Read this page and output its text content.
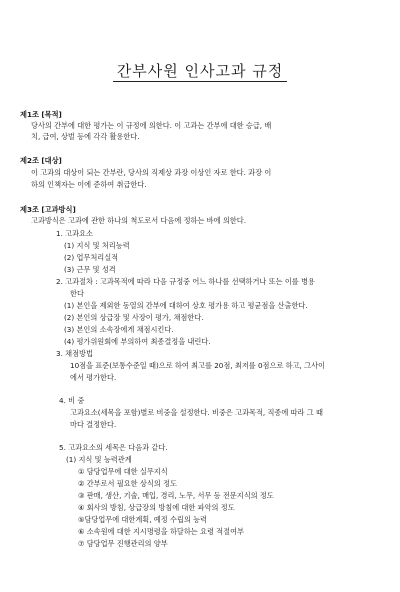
간부사원 인사고과 규정
제1조 [목적]
당사의 간부에 대한 평가는 이 규정에 의한다. 이 고과는 간부에 대한 승급, 배
치, 급여, 상벌 등에 각각 활용한다.
제2조 [대상]
이 고과의 대상이 되는 간부란, 당사의 직제상 과장 이상인 자로 한다. 과장 이
하의 인책자는 이에 준하여 취급한다.
제3조 [고과방식]
고과방식은 고과에 관한 하나의 척도로서 다음에 정하는 바에 의한다.
1. 고과요소
(1) 지식 및 처리능력
(2) 업무처리실적
(3) 근무 및 성격
2. 고과절차 : 고과목적에 따라 다음 규정중 어느 하나를 선택하거나 또는 이를 병용
한다
(1) 본인을 제외한 동열의 간부에 대하여 상호 평가용 하고 평균점을 산출한다.
(2) 본인의 상급장 및 사장이 평가, 채점한다.
(3) 본인의 소속장에게 채점시킨다.
(4) 평가위원회에 부의하여 최종결정을 내린다.
3. 채점방법
10점을 표준(보통수준일 때)으로 하여 최고를 20점, 최저를 0점으로 하고, 그사이
에서 평가한다.
4. 비 중
고과요소(세목을 포함)별로 비중을 설정한다. 비중은 고과목적, 직종에 따라 그 때
마다 결정한다.
5. 고과요소의 세목은 다음과 같다.
(1) 지식 및 능력관계
① 담당업무에 대한 실무지식
② 간부로서 필요한 상식의 정도
③ 판매, 생산, 기술, 매입, 경리, 노무, 서무 등 전문지식의 정도
④ 회사의 방침, 상급장의 방침에 대한 파악의 정도
⑤담당업무에 대한계획, 예정 수립의 능력
⑥ 소속원에 대한 지시명령을 하달하는 요령 적절여부
⑦ 담당업무 진행관리의 양부
